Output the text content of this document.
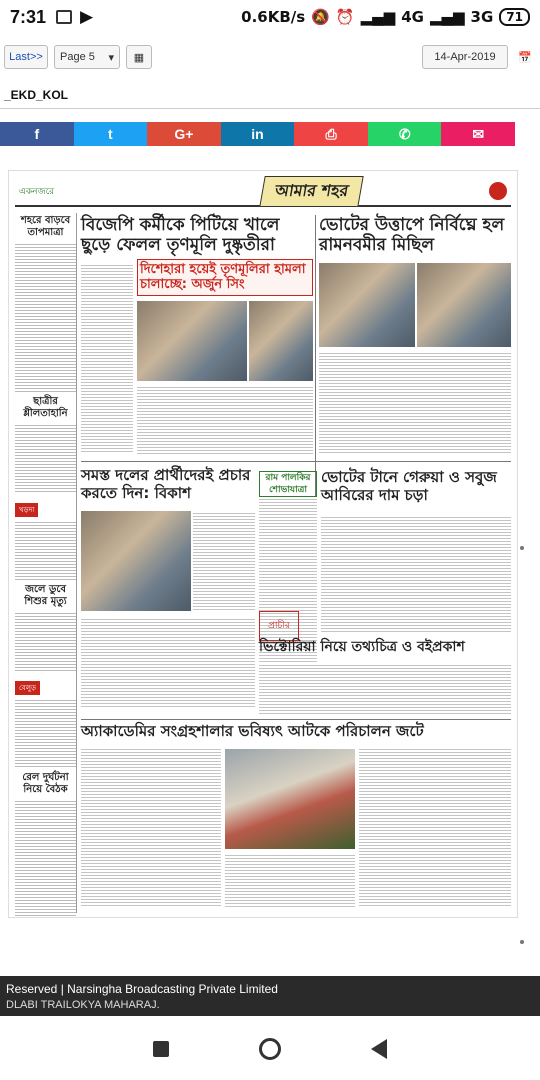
7:31 ▶	0.6KB/s 🔕 ⏰ ▂▄▆ 4G ▂▄▆ 3G	71
Last>>	Page 5 ▾	▦	14-Apr-2019	📅
_EKD_KOL
f	t	G+	in	⎙	✆	✉
একনজরে	আমার শহর
শহরে বাড়বে তাপমাত্রা
ছাত্রীর শ্লীলতাহানি
খড়দা
জলে ডুবে শিশুর মৃত্যু
বেলুড়
রেল দুর্ঘটনা নিয়ে বৈঠক
বিজেপি কর্মীকে পিটিয়ে খালে ছুড়ে ফেলল তৃণমূলি দুষ্কৃতীরা
ভোটের উত্তাপে নির্বিঘ্নে হল রামনবমীর মিছিল
দিশেহারা হয়েই তৃণমূলিরা হামলা চালাচ্ছে: অর্জুন সিং
সমস্ত দলের প্রার্থীদেরই প্রচার করতে দিন: বিকাশ
রাম পালকির শোভাযাত্রা
প্রাচীর
ভোটের টানে গেরুয়া ও সবুজ আবিরের দাম চড়া
ভিক্টোরিয়া নিয়ে তথ্যচিত্র ও বইপ্রকাশ
অ্যাকাডেমির সংগ্রহশালার ভবিষ্যৎ আটকে পরিচালন জটে
Reserved | Narsingha Broadcasting Private Limited
DLABI TRAILOKYA MAHARAJ.
